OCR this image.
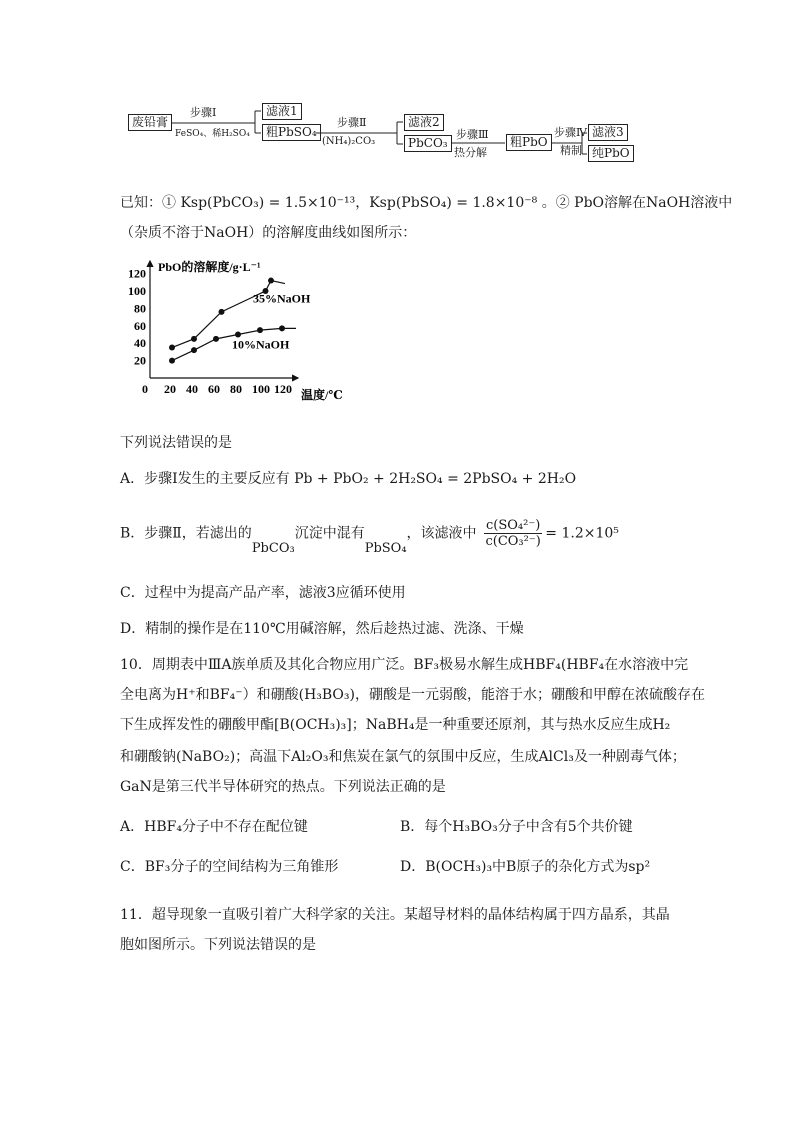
废铅膏
步骤Ⅰ
FeSO₄、稀H₂SO₄
滤液1
粗PbSO₄
步骤Ⅱ
(NH₄)₂CO₃
滤液2
PbCO₃
步骤Ⅲ
热分解
粗PbO
步骤Ⅳ
精制
滤液3
纯PbO
已知：① Ksp(PbCO₃) = 1.5×10⁻¹³，Ksp(PbSO₄) = 1.8×10⁻⁸ 。② PbO溶解在NaOH溶液中
（杂质不溶于NaOH）的溶解度曲线如图所示：
PbO的溶解度/g·L⁻¹
温度/℃
0 20 40 60 80 100 120
20
40
60
80
100
120
35%NaOH
10%NaOH
下列说法错误的是
A．步骤Ⅰ发生的主要反应有 Pb + PbO₂ + 2H₂SO₄ = 2PbSO₄ + 2H₂O
B．步骤Ⅱ，若滤出的PbCO₃沉淀中混有PbSO₄，该滤液中 $\frac{\text{c(SO₄²⁻)}}{\text{c(CO₃²⁻)}} = 1.2\times 10^5$
C．过程中为提高产品产率，滤液3应循环使用
D．精制的操作是在110℃用碱溶解，然后趁热过滤、洗涤、干燥
10．周期表中ⅢA族单质及其化合物应用广泛。BF₃极易水解生成HBF₄(HBF₄在水溶液中完
全电离为H⁺和BF₄⁻）和硼酸(H₃BO₃)，硼酸是一元弱酸，能溶于水；硼酸和甲醇在浓硫酸存在
下生成挥发性的硼酸甲酯[B(OCH₃)₃]；NaBH₄是一种重要还原剂，其与热水反应生成H₂
和硼酸钠(NaBO₂)；高温下Al₂O₃和焦炭在氯气的氛围中反应，生成AlCl₃及一种剧毒气体；
GaN是第三代半导体研究的热点。下列说法正确的是
A．HBF₄分子中不存在配位键	B．每个H₃BO₃分子中含有5个共价键
C．BF₃分子的空间结构为三角锥形	D．B(OCH₃)₃中B原子的杂化方式为sp²
11．超导现象一直吸引着广大科学家的关注。某超导材料的晶体结构属于四方晶系，其晶
胞如图所示。下列说法错误的是
